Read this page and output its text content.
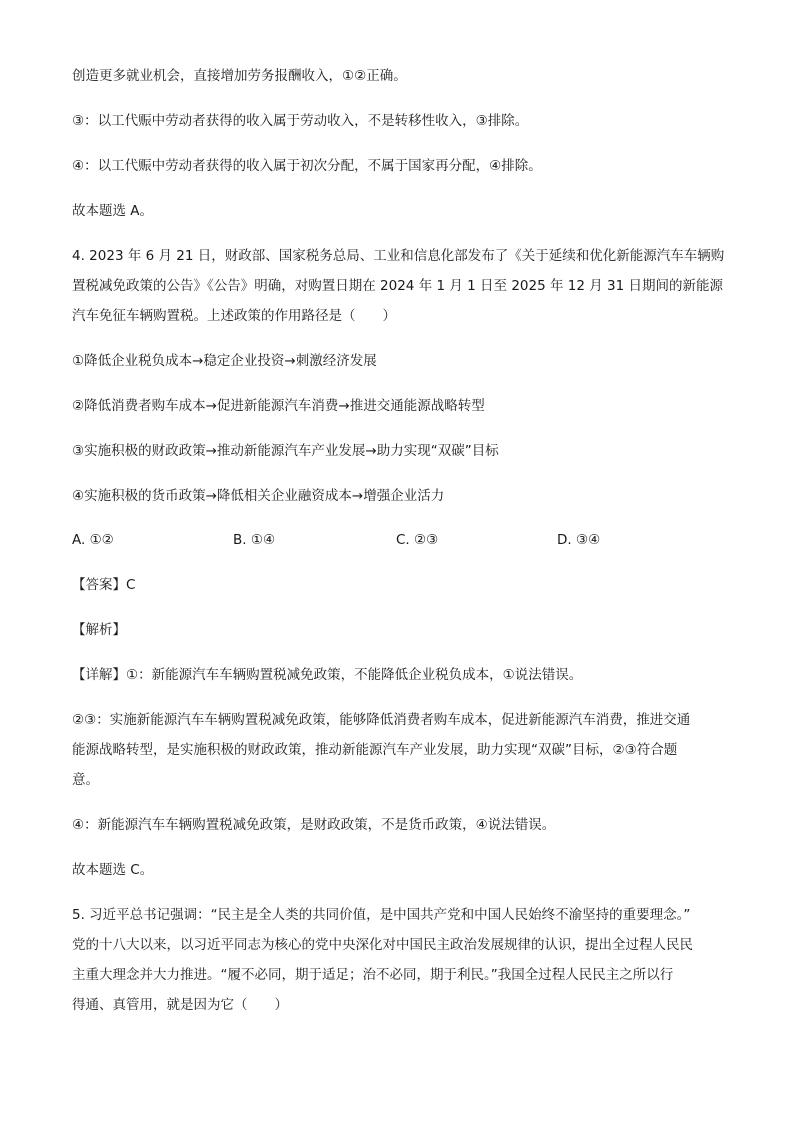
创造更多就业机会，直接增加劳务报酬收入，①②正确。
③：以工代赈中劳动者获得的收入属于劳动收入，不是转移性收入，③排除。
④：以工代赈中劳动者获得的收入属于初次分配，不属于国家再分配，④排除。
故本题选 A。
4. 2023 年 6 月 21 日，财政部、国家税务总局、工业和信息化部发布了《关于延续和优化新能源汽车车辆购
置税减免政策的公告》《公告》明确，对购置日期在 2024 年 1 月 1 日至 2025 年 12 月 31 日期间的新能源
汽车免征车辆购置税。上述政策的作用路径是（　　）
①降低企业税负成本→稳定企业投资→刺激经济发展
②降低消费者购车成本→促进新能源汽车消费→推进交通能源战略转型
③实施积极的财政政策→推动新能源汽车产业发展→助力实现“双碳”目标
④实施积极的货币政策→降低相关企业融资成本→增强企业活力
A. ①②	B. ①④	C. ②③	D. ③④
【答案】C
【解析】
【详解】①：新能源汽车车辆购置税减免政策，不能降低企业税负成本，①说法错误。
②③：实施新能源汽车车辆购置税减免政策，能够降低消费者购车成本，促进新能源汽车消费，推进交通
能源战略转型，是实施积极的财政政策，推动新能源汽车产业发展，助力实现“双碳”目标，②③符合题
意。
④：新能源汽车车辆购置税减免政策，是财政政策，不是货币政策，④说法错误。
故本题选 C。
5. 习近平总书记强调：“民主是全人类的共同价值，是中国共产党和中国人民始终不渝坚持的重要理念。”
党的十八大以来，以习近平同志为核心的党中央深化对中国民主政治发展规律的认识，提出全过程人民民
主重大理念并大力推进。“履不必同，期于适足；治不必同，期于利民。”我国全过程人民民主之所以行
得通、真管用，就是因为它（　　）
